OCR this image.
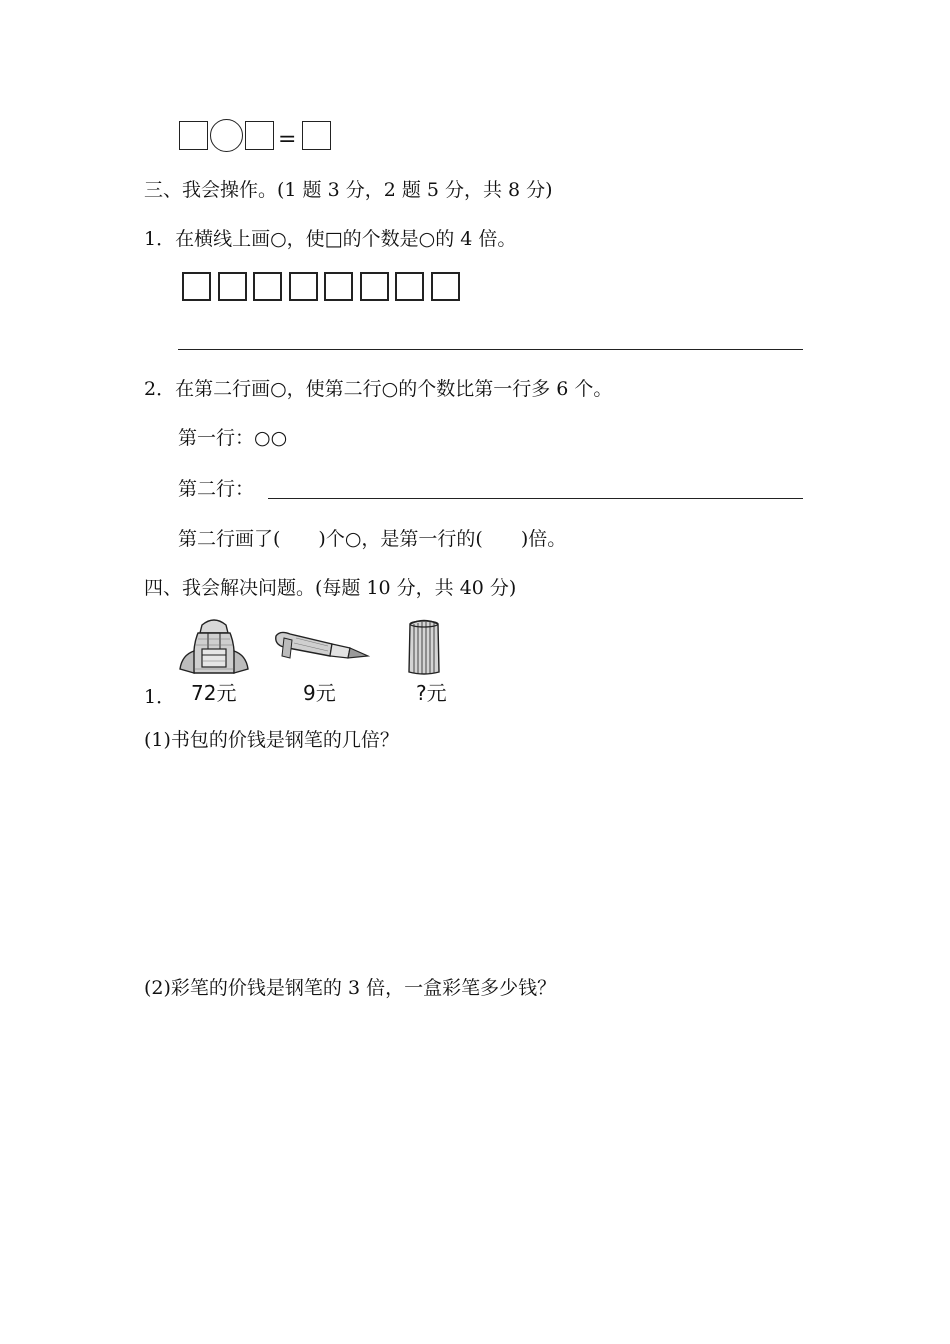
=
三、我会操作。(1 题 3 分，2 题 5 分，共 8 分)
1．在横线上画○，使□的个数是○的 4 倍。
2．在第二行画○，使第二行○的个数比第一行多 6 个。
第一行：○○
第二行：
第二行画了(　　)个○，是第一行的(　　)倍。
四、我会解决问题。(每题 10 分，共 40 分)
72元	9元	?元
1．
(1)书包的价钱是钢笔的几倍？
(2)彩笔的价钱是钢笔的 3 倍，一盒彩笔多少钱？
